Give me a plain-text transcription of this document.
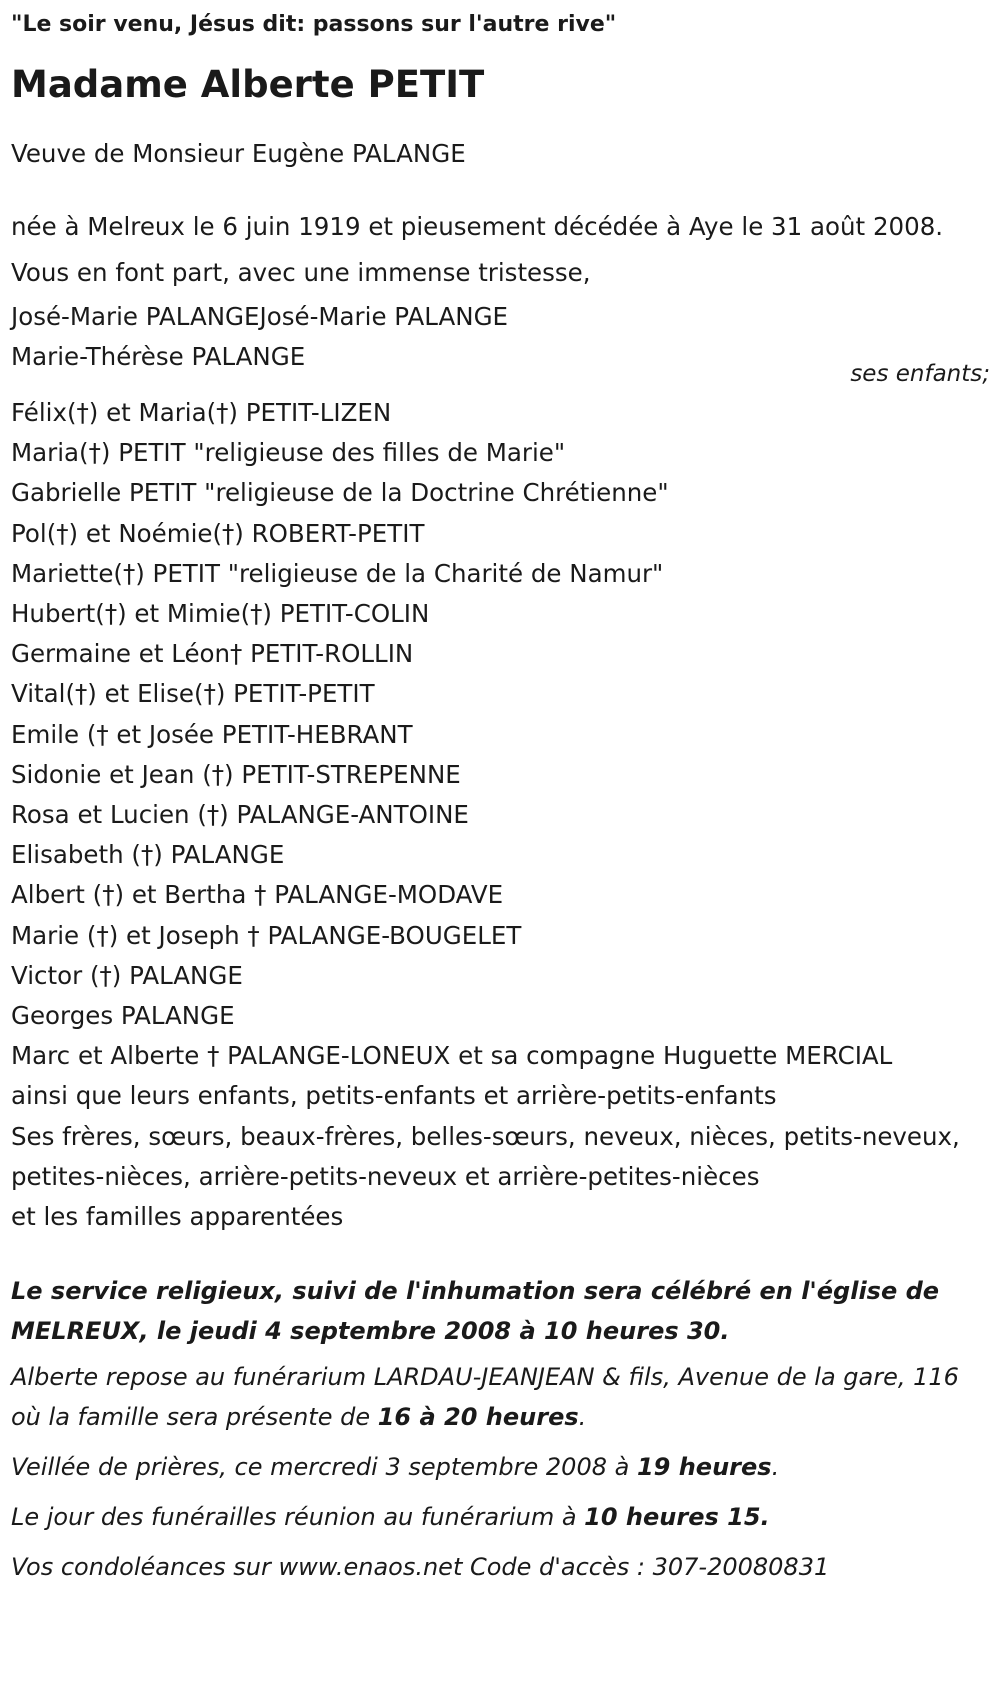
"Le soir venu, Jésus dit: passons sur l'autre rive"
Madame Alberte PETIT

Veuve de Monsieur Eugène PALANGE

née à Melreux le 6 juin 1919 et pieusement décédée à Aye le 31 août 2008.

Vous en font part, avec une immense tristesse,

José-Marie PALANGEJosé-Marie PALANGE

Marie-Thérèse PALANGE

ses enfants;

Félix(†) et Maria(†) PETIT-LIZEN

Maria(†) PETIT "religieuse des filles de Marie"

Gabrielle PETIT "religieuse de la Doctrine Chrétienne"

Pol(†) et Noémie(†) ROBERT-PETIT

Mariette(†) PETIT "religieuse de la Charité de Namur"

Hubert(†) et Mimie(†) PETIT-COLIN

Germaine et Léon† PETIT-ROLLIN

Vital(†) et Elise(†) PETIT-PETIT

Emile († et Josée PETIT-HEBRANT

Sidonie et Jean (†) PETIT-STREPENNE

Rosa et Lucien (†) PALANGE-ANTOINE

Elisabeth (†) PALANGE

Albert (†) et Bertha † PALANGE-MODAVE

Marie (†) et Joseph † PALANGE-BOUGELET

Victor (†) PALANGE

Georges PALANGE

Marc et Alberte † PALANGE-LONEUX et sa compagne Huguette MERCIAL

ainsi que leurs enfants, petits-enfants et arrière-petits-enfants

Ses frères, sœurs, beaux-frères, belles-sœurs, neveux, nièces, petits-neveux, petites-nièces, arrière-petits-neveux et arrière-petites-nièces

et les familles apparentées

Le service religieux, suivi de l'inhumation sera célébré en l'église de MELREUX, le jeudi 4 septembre 2008 à 10 heures 30.
Alberte repose au funérarium LARDAU-JEANJEAN & fils, Avenue de la gare, 116 où la famille sera présente de 16 à 20 heures.
Veillée de prières, ce mercredi 3 septembre 2008 à 19 heures.
Le jour des funérailles réunion au funérarium à 10 heures 15.
Vos condoléances sur www.enaos.net Code d'accès : 307-20080831
